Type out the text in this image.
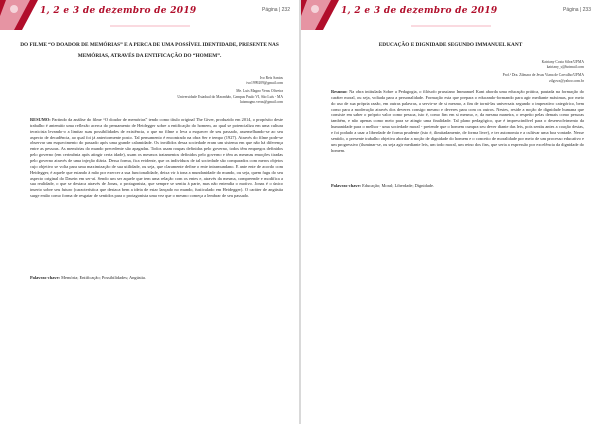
1, 2 e 3 de dezembro de 2019	Página | 232
DO FILME “O DOADOR DE MEMÓRIAS” E A PERCA DE UMA POSSÍVEL IDENTIDADE, PRESENTE NAS MEMÓRIAS, ATRAVÉS DA ENTIFICAÇÃO DO “HOMEM”.
Ivo Reis Santos
ivo1999209@gmail.com
Me. Luis Magno Veras Oliveira
Universidade Estadual do Maranhão, Campus Paulo VI, São Luís - MA
luismagno.veras@gmail.com
RESUMO: Partindo da análise do filme “O doador de memórias” tendo como título original The Giver, produzido em 2014, o propósito deste trabalho é antemitir uma reflexão acerca do pensamento de Heidegger sobre a entificação do homem, ao qual se potencializa em uma cultura tecnicista levando-o a limitar suas possibilidades de existência, o que no filme o leva a esquecer de seu passado, assemelhando-se ao seu aspecto de decadência, ao qual foi já anteriormente posto. Tal pensamento é encontrado na obra Ser e tempo (1927). Através do filme pode-se observar um esquecimento do passado após uma grande calamidade. Os inválidos dessa sociedade eram um sistema em que não há diferença entre as pessoas. As memórias do mundo precedente são apagadas. Todos usam roupas definidas pelo governo, todos têm empregos definidos pelo governo (em cerimônia após atingir certa idade), usam os mesmos tratamentos definidos pelo governo e têm as mesmas emoções tiradas pelo governo através de uma injeção diária. Dessa forma, fica evidente, que os indivíduos de tal sociedade são comparados com meros objetos cujo objetivo se volta para uma maximização de sua utilidade, ou seja, que claramente define o ente intramundano. E ante ente de acordo com Heidegger, é aquele que estando à mão por exercer a sua funcionalidade, deixa vir à tona a mundanidade do mundo, ou seja, quem fugu do seu aspecto original do Dasein em ser-aí. Sendo um ser aquele que tem uma relação com os entes e, através da mesma, compreende e modifica a sua realidade, o que se destaca através de Jonas, o protagonista, que sempre se sentiu à parte, mas não entendia o motivo. Jonas é o único inserto sobre seu futuro (característica que destaca bem a ideia de estar lançado no mundo, fusticulado em Heidegger). O caráter de angústia surge então como forma de resgatar de sentidos para o protagonista uma vez que o mesmo começa a lembrar de seu passado.
Palavras-chave: Memória; Entificação; Possibilidades; Angústia.
1, 2 e 3 de dezembro de 2019	Página | 233
EDUCAÇÃO E DIGNIDADE SEGUNDO IMMANUEL KANT
Katriany Costa Silva/UFMA
katriany_s@hotmail.com
Prof.ª Dra. Zilmara de Jesus Viana de Carvalho/UFMA
zilgcws@yahoo.com.br
Resumo: Na obra intitulada Sobre a Pedagogia, o filósofo prussiano Immanuel Kant aborda uma educação prática, pautada na formação do caráter moral, ou seja, voltada para a personalidade. Formação esta que prepara o educando-formando para agir mediante máximas, por meio do uso de sua própria razão, em outras palavras, a servir-se de si mesmo, a fim de torná-las universais segundo o imperativo categórico, bem como para a moderação através dos deveres consigo mesmo e deveres para com os outros. Nestes, reside a noção de dignidade humana que consiste em saber o próprio valor como pessoa, isto é, como fim em si mesmo, e, da mesma maneira, o respeito pelas demais como pessoas também, e não apenas como meio para se atingir uma finalidade. Tal plano pedagógico, que é imprescindível para o desenvolvimento da humanidade para o melhor - uma sociedade moral - pretende que o homem cumpra seu dever diante das leis, pois sentiu antes a coação destas, e foi podado a usar a liberdade de forma prudente (isto é, ilimitadamente, de forma livre), e ter autonomia e a cultivar uma boa vontade. Nesse sentido, o presente trabalho objetiva abordar a noção de dignidade do homem e o conceito de moralidade por meio de um processo educativo e um progressivo (iluminar-se, ou seja agir mediante leis, um todo moral, um reino dos fins, que seria a expressão por excelência da dignidade do homem.
Palavras-chave: Educação; Moral; Liberdade; Dignidade.
